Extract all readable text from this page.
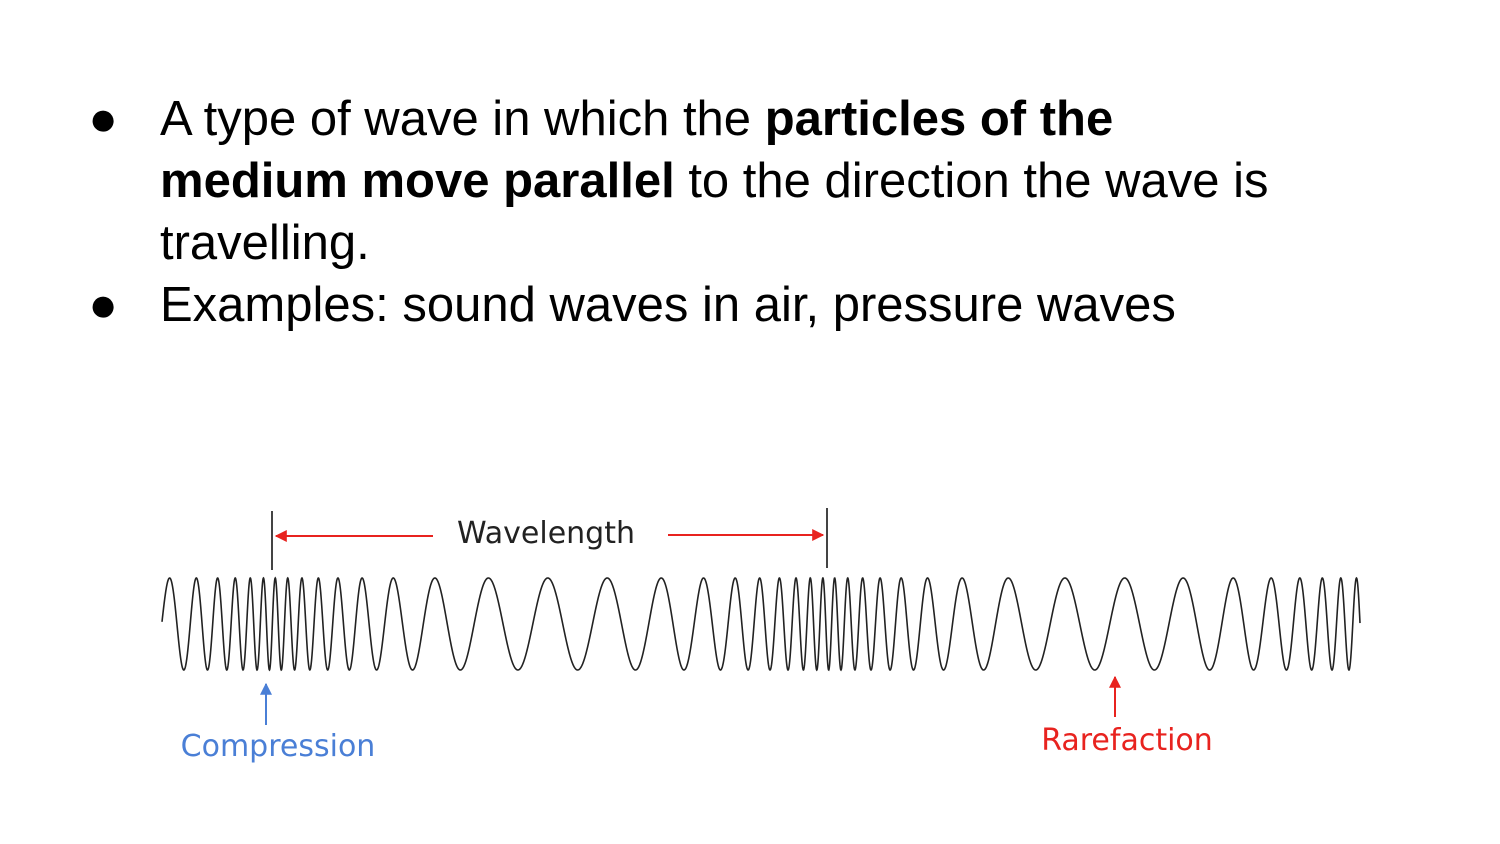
● A type of wave in which the particles of the medium move parallel to the direction the wave is travelling.
● Examples: sound waves in air, pressure waves
Wavelength
Compression	Rarefaction
